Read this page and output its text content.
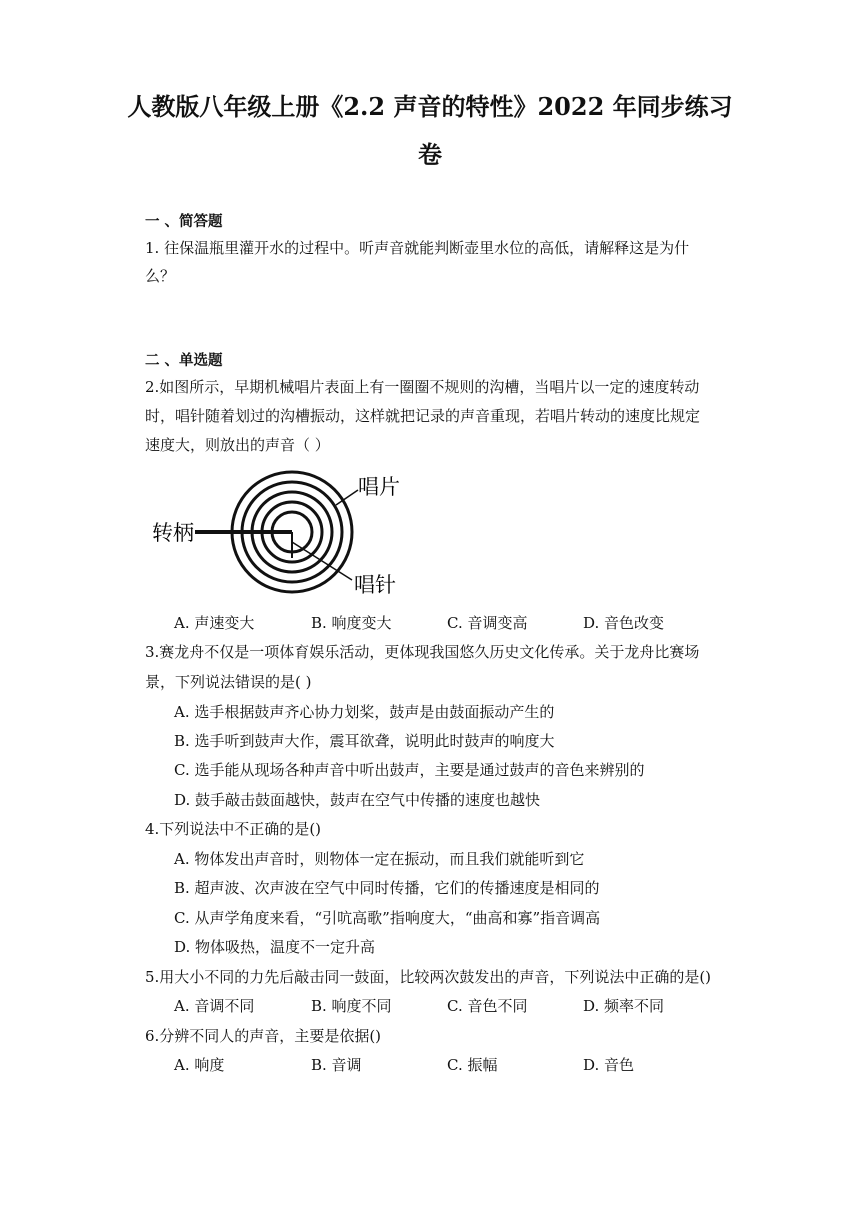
人教版八年级上册《2.2 声音的特性》2022 年同步练习
卷
一 、简答题
1. 往保温瓶里灌开水的过程中。听声音就能判断壶里水位的高低，请解释这是为什
么？
二 、单选题
2.如图所示，早期机械唱片表面上有一圈圈不规则的沟槽，当唱片以一定的速度转动
时，唱针随着划过的沟槽振动，这样就把记录的声音重现，若唱片转动的速度比规定
速度大，则放出的声音（ ）
转柄
唱片
唱针
A. 声速变大	B. 响度变大	C. 音调变高	D. 音色改变
3.赛龙舟不仅是一项体育娱乐活动，更体现我国悠久历史文化传承。关于龙舟比赛场
景，下列说法错误的是( )
A. 选手根据鼓声齐心协力划桨，鼓声是由鼓面振动产生的
B. 选手听到鼓声大作，震耳欲聋，说明此时鼓声的响度大
C. 选手能从现场各种声音中听出鼓声，主要是通过鼓声的音色来辨别的
D. 鼓手敲击鼓面越快，鼓声在空气中传播的速度也越快
4.下列说法中不正确的是()
A. 物体发出声音时，则物体一定在振动，而且我们就能听到它
B. 超声波、次声波在空气中同时传播，它们的传播速度是相同的
C. 从声学角度来看，“引吭高歌”指响度大，“曲高和寡”指音调高
D. 物体吸热，温度不一定升高
5.用大小不同的力先后敲击同一鼓面，比较两次鼓发出的声音，下列说法中正确的是()
A. 音调不同	B. 响度不同	C. 音色不同	D. 频率不同
6.分辨不同人的声音，主要是依据()
A. 响度	B. 音调	C. 振幅	D. 音色
